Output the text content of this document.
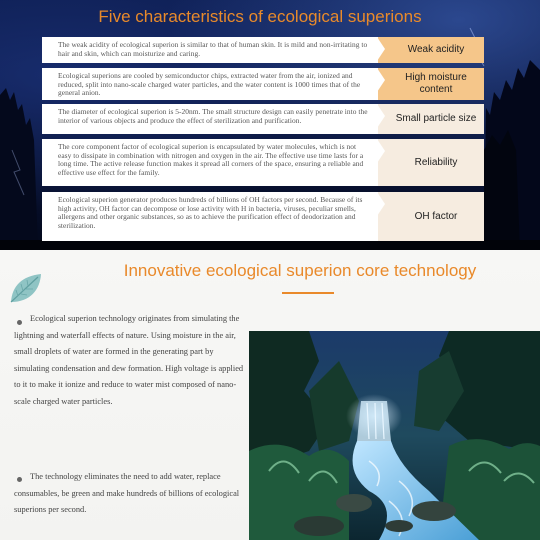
Five characteristics of ecological superions
The weak acidity of ecological superion is similar to that of human skin. It is mild and non-irritating to hair and skin, which can moisturize and caring.	Weak acidity
Ecological superions are cooled by semiconductor chips, extracted water from the air, ionized and reduced, split into nano-scale charged water particles, and the water content is 1000 times that of the general anion.
High moisture content
The diameter of ecological superion is 5-20nm. The small structure design can easily penetrate into the interior of various objects and produce the effect of sterilization and purification.	Small particle size
The core component factor of ecological superion is encapsulated by water molecules, which is not easy to dissipate in combination with nitrogen and oxygen in the air. The effective use time lasts for a long time. The active release function makes it spread all corners of the space, ensuring a reliable and effective use effect for the family.
Reliability
Ecological superion generator produces hundreds of billions of OH factors per second. Because of its high activity, OH factor can decompose or lose activity with H in bacteria, viruses, peculiar smells, allergens and other organic substances, so as to achieve the purification effect of deodorization and sterilization.
OH factor
Innovative ecological superion core technology
Ecological superion technology originates from simulating the lightning and waterfall effects of nature. Using moisture in the air, small droplets of water are formed in the generating part by simulating condensation and dew formation. High voltage is applied to it to make it ionize and reduce to water mist composed of nano-scale charged water particles.
The technology eliminates the need to add water, replace consumables, be green and make hundreds of billions of ecological superions per second.
